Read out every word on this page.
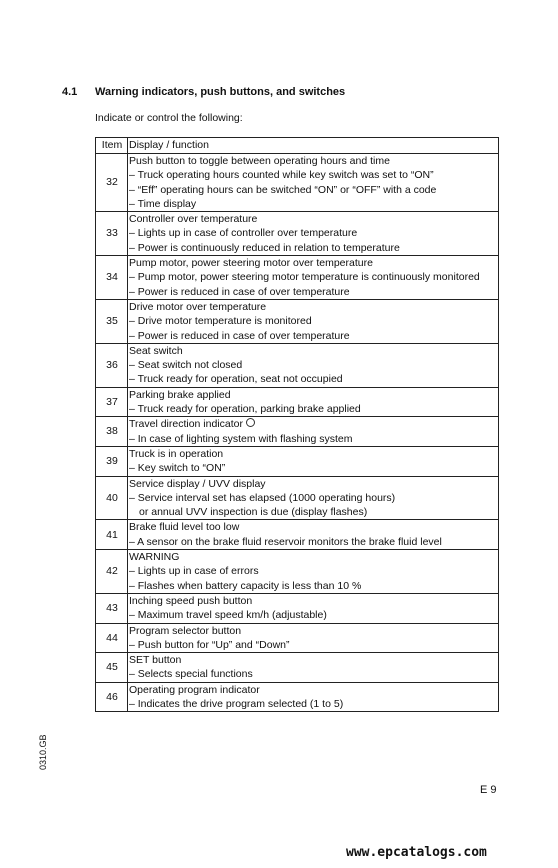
4.1 Warning indicators, push buttons, and switches
Indicate or control the following:
Item	Display / function
32	Push button to toggle between operating hours and time
– Truck operating hours counted while key switch was set to “ON”
– “Eff” operating hours can be switched “ON” or “OFF” with a code
– Time display

33	Controller over temperature
– Lights up in case of controller over temperature
– Power is continuously reduced in relation to temperature

34	Pump motor, power steering motor over temperature
– Pump motor, power steering motor temperature is continuously monitored
– Power is reduced in case of over temperature

35	Drive motor over temperature
– Drive motor temperature is monitored
– Power is reduced in case of over temperature

36	Seat switch
– Seat switch not closed
– Truck ready for operation, seat not occupied

37	Parking brake applied
– Truck ready for operation, parking brake applied

38	Travel direction indicator
– In case of lighting system with flashing system

39	Truck is in operation
– Key switch to “ON”

40	Service display / UVV display
– Service interval set has elapsed (1000 operating hours)
or annual UVV inspection is due (display flashes)

41	Brake fluid level too low
– A sensor on the brake fluid reservoir monitors the brake fluid level

42	WARNING
– Lights up in case of errors
– Flashes when battery capacity is less than 10 %

43	Inching speed push button
– Maximum travel speed km/h (adjustable)

44	Program selector button
– Push button for “Up” and “Down”

45	SET button
– Selects special functions

46	Operating program indicator
– Indicates the drive program selected (1 to 5)
0310.GB
E 9
www.epcatalogs.com
